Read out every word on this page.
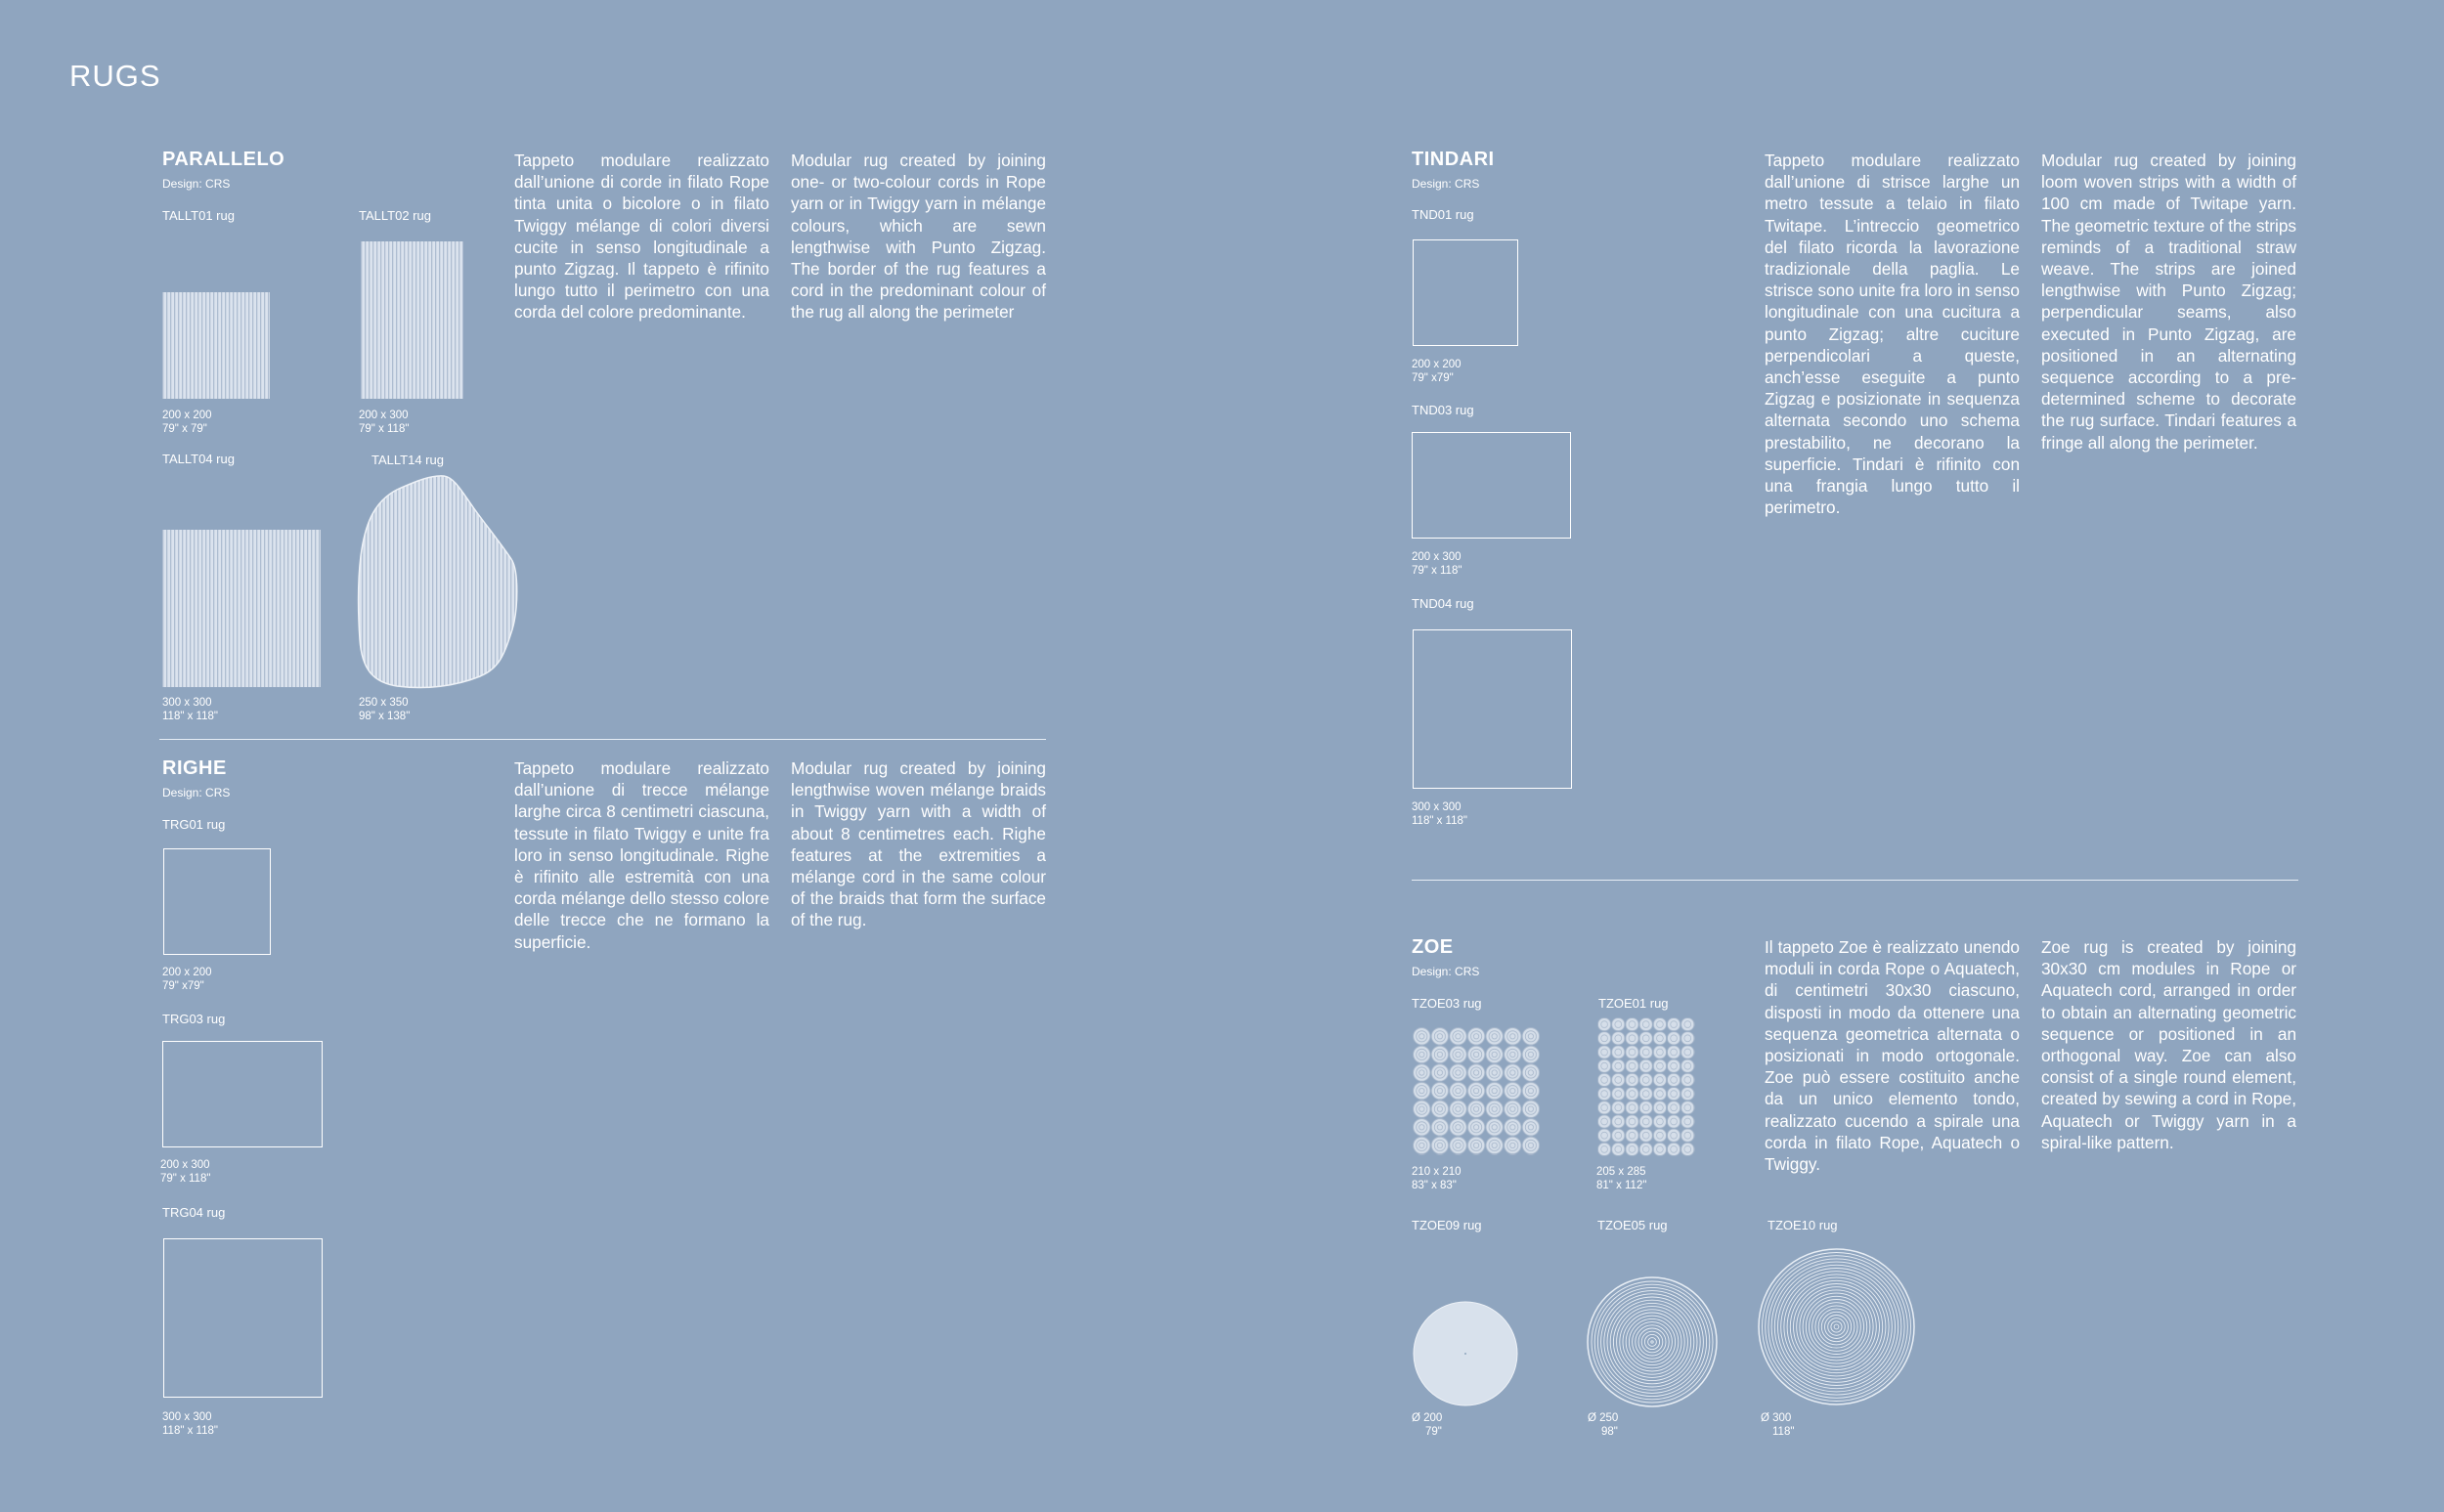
RUGS
PARALLELO
Design: CRS
TALLT01 rug	TALLT02 rug
200 x 200
79" x 79"
200 x 300
79" x 118"
TALLT04 rug	TALLT14 rug
300 x 300
118" x 118"
250 x 350
98" x 138"
Tappeto modulare realizzato dall’unione di corde in filato Rope tinta unita o bicolore o in filato Twiggy mélange di colori diversi cucite in senso longitudinale a punto Zigzag. Il tappeto è rifinito lungo tutto il perimetro con una corda del colore predominante.
Modular rug created by joining one- or two-colour cords in Rope yarn or in Twiggy yarn in mélange colours, which are sewn lengthwise with Punto Zigzag. The border of the rug features a cord in the predominant colour of the rug all along the perimeter
RIGHE
Design: CRS
TRG01 rug
200 x 200
79" x79"
TRG03 rug
200 x 300
79" x 118"
TRG04 rug
300 x 300
118" x 118"
Tappeto modulare realizzato dall’unione di trecce mélange larghe circa 8 centimetri ciascuna, tessute in filato Twiggy e unite fra loro in senso longitudinale. Righe è rifinito alle estremità con una corda mélange dello stesso colore delle trecce che ne formano la superficie.
Modular rug created by joining lengthwise woven mélange braids in Twiggy yarn with a width of about 8 centimetres each. Righe features at the extremities a mélange cord in the same colour of the braids that form the surface of the rug.
TINDARI
Design: CRS
TND01 rug
200 x 200
79" x79"
TND03 rug
200 x 300
79" x 118"
TND04 rug
300 x 300
118" x 118"
Tappeto modulare realizzato dall’unione di strisce larghe un metro tessute a telaio in filato Twitape. L’intreccio geometrico del filato ricorda la lavorazione tradizionale della paglia. Le strisce sono unite fra loro in senso longitudinale con una cucitura a punto Zigzag; altre cuciture perpendicolari a queste, anch’esse eseguite a punto Zigzag e posizionate in sequenza alternata secondo uno schema prestabilito, ne decorano la superficie. Tindari è rifinito con una frangia lungo tutto il perimetro.
Modular rug created by joining loom woven strips with a width of 100 cm made of Twitape yarn. The geometric texture of the strips reminds of a traditional straw weave. The strips are joined lengthwise with Punto Zigzag; perpendicular seams, also executed in Punto Zigzag, are positioned in an alternating sequence according to a pre-determined scheme to decorate the rug surface. Tindari features a fringe all along the perimeter.
ZOE
Design: CRS
TZOE03 rug	TZOE01 rug
210 x 210
83" x 83"
205 x 285
81" x 112"
TZOE09 rug	TZOE05 rug	TZOE10 rug
Ø 200
79"
Ø 250
98"
Ø 300
118"
Il tappeto Zoe è realizzato unendo moduli in corda Rope o Aquatech, di centimetri 30x30 ciascuno, disposti in modo da ottenere una sequenza geometrica alternata o posizionati in modo ortogonale. Zoe può essere costituito anche da un unico elemento tondo, realizzato cucendo a spirale una corda in filato Rope, Aquatech o Twiggy.
Zoe rug is created by joining 30x30 cm modules in Rope or Aquatech cord, arranged in order to obtain an alternating geometric sequence or positioned in an orthogonal way. Zoe can also consist of a single round element, created by sewing a cord in Rope, Aquatech or Twiggy yarn in a spiral-like pattern.
